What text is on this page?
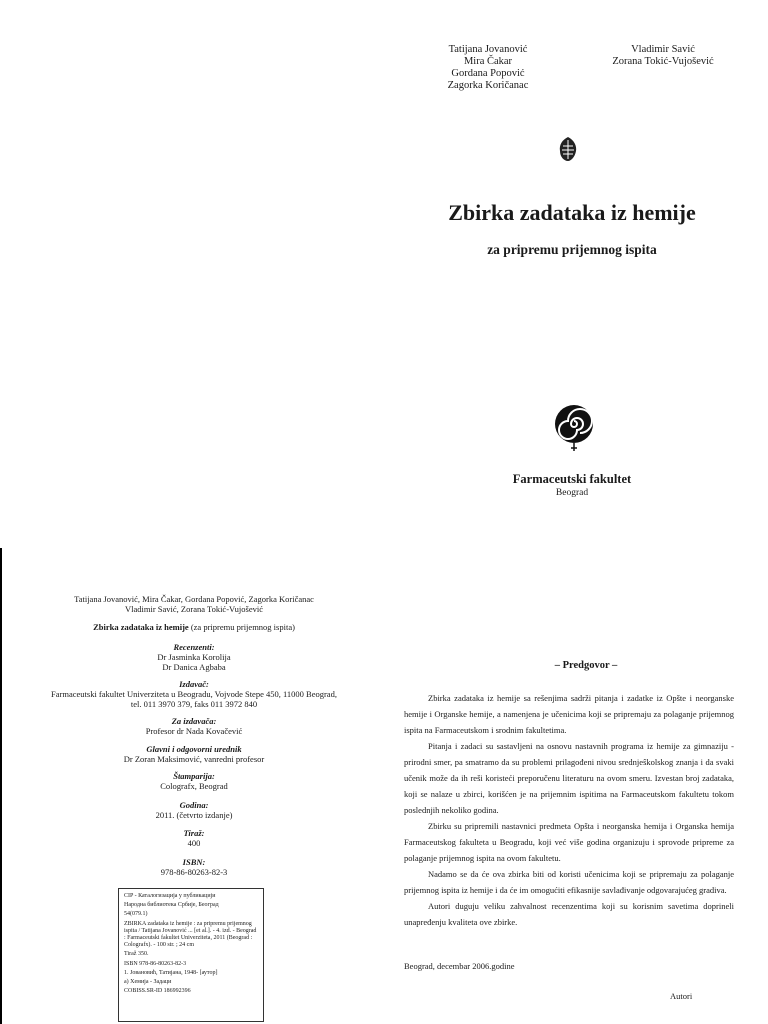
Tatijana Jovanović
Mira Čakar
Gordana Popović
Zagorka Koričanac
Vladimir Savić
Zorana Tokić-Vujošević
Zbirka zadataka iz hemije
za pripremu prijemnog ispita
Farmaceutski fakultet
Beograd
Tatijana Jovanović, Mira Čakar, Gordana Popović, Zagorka Koričanac
Vladimir Savić, Zorana Tokić-Vujošević
Zbirka zadataka iz hemije (za pripremu prijemnog ispita)
Recenzenti:
Dr Jasminka Korolija
Dr Danica Agbaba
Izdavač:
Farmaceutski fakultet Univerziteta u Beogradu, Vojvode Stepe 450, 11000 Beograd,
tel. 011 3970 379, faks 011 3972 840
Za izdavača:
Profesor dr Nada Kovačević
Glavni i odgovorni urednik
Dr Zoran Maksimović, vanredni profesor
Štamparija:
Colografx, Beograd
Godina:
2011. (četvrto izdanje)
Tiraž:
400
ISBN:
978-86-80263-82-3

CIP - Каталогизација у публикацији

Народна библиотека Србије, Београд

54(079.1)

ZBIRKA zadataka iz hemije : za pripremu prijemnog ispita / Tatijana Jovanović ... [et al.]. - 4. izd. - Beograd : Farmaceutski fakultet Univerziteta, 2011 (Beograd : Colografx). - 100 str. ; 24 cm

Tiraž 350.

ISBN 978-86-80263-82-3

1. Јовановић, Татијана, 1948- [аутор]

а) Хемија - Задаци

COBISS.SR-ID 186992396

– Predgovor –

Zbirka zadataka iz hemije sa rešenjima sadrži pitanja i zadatke iz Opšte i neorganske hemije i Organske hemije, a namenjena je učenicima koji se pripremaju za polaganje prijemnog ispita na Farmaceutskom i srodnim fakultetima.

Pitanja i zadaci su sastavljeni na osnovu nastavnih programa iz hemije za gimnaziju - prirodni smer, pa smatramo da su problemi prilagođeni nivou srednjeŝkolskog znanja i da svaki učenik može da ih reši koristeći preporučenu literaturu na ovom smeru. Izvestan broj zadataka, koji se nalaze u zbirci, korišćen je na prijemnim ispitima na Farmaceutskom fakultetu tokom poslednjih nekoliko godina.

Zbirku su pripremili nastavnici predmeta Opšta i neorganska hemija i Organska hemija Farmaceutskog fakulteta u Beogradu, koji već više godina organizuju i sprovode pripreme za polaganje prijemnog ispita na ovom fakultetu.

Nadamo se da će ova zbirka biti od koristi učenicima koji se pripremaju za polaganje prijemnog ispita iz hemije i da će im omogućiti efikasnije savlađivanje odgovarajućeg gradiva.

Autori duguju veliku zahvalnost recenzentima koji su korisnim savetima doprineli unapređenju kvaliteta ove zbirke.

Beograd, decembar 2006.godine
Autori
